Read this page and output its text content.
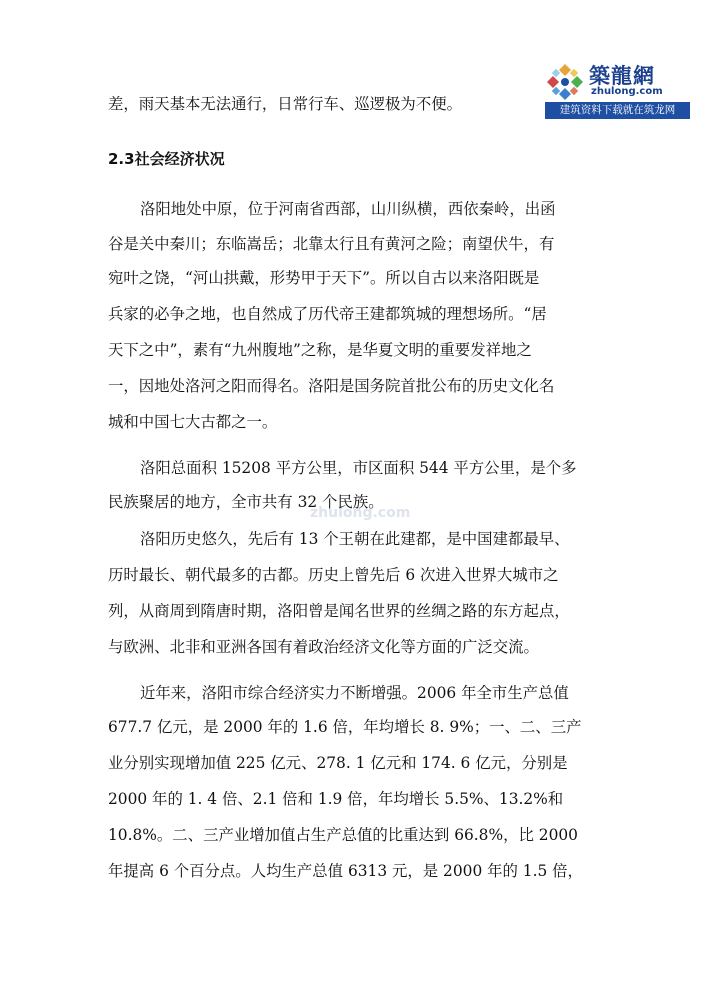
築龍網
zhulong.com
建筑资料下载就在筑龙网
zhulong.com
差，雨天基本无法通行，日常行车、巡逻极为不便。
2.3社会经济状况
洛阳地处中原，位于河南省西部，山川纵横，西依秦岭，出函
谷是关中秦川；东临嵩岳；北靠太行且有黄河之险；南望伏牛，有
宛叶之饶，“河山拱戴，形势甲于天下”。所以自古以来洛阳既是
兵家的必争之地，也自然成了历代帝王建都筑城的理想场所。“居
天下之中”，素有“九州腹地”之称，是华夏文明的重要发祥地之
一，因地处洛河之阳而得名。洛阳是国务院首批公布的历史文化名
城和中国七大古都之一。
洛阳总面积 15208 平方公里，市区面积 544 平方公里，是个多
民族聚居的地方，全市共有 32 个民族。
洛阳历史悠久，先后有 13 个王朝在此建都，是中国建都最早、
历时最长、朝代最多的古都。历史上曾先后 6 次进入世界大城市之
列，从商周到隋唐时期，洛阳曾是闻名世界的丝绸之路的东方起点，
与欧洲、北非和亚洲各国有着政治经济文化等方面的广泛交流。
近年来，洛阳市综合经济实力不断增强。2006 年全市生产总值
677.7 亿元，是 2000 年的 1.6 倍，年均增长 8. 9%；一、二、三产
业分别实现增加值 225 亿元、278. 1 亿元和 174. 6 亿元，分别是
2000 年的 1. 4 倍、2.1 倍和 1.9 倍，年均增长 5.5%、13.2%和
10.8%。二、三产业增加值占生产总值的比重达到 66.8%，比 2000
年提高 6 个百分点。人均生产总值 6313 元，是 2000 年的 1.5 倍，
